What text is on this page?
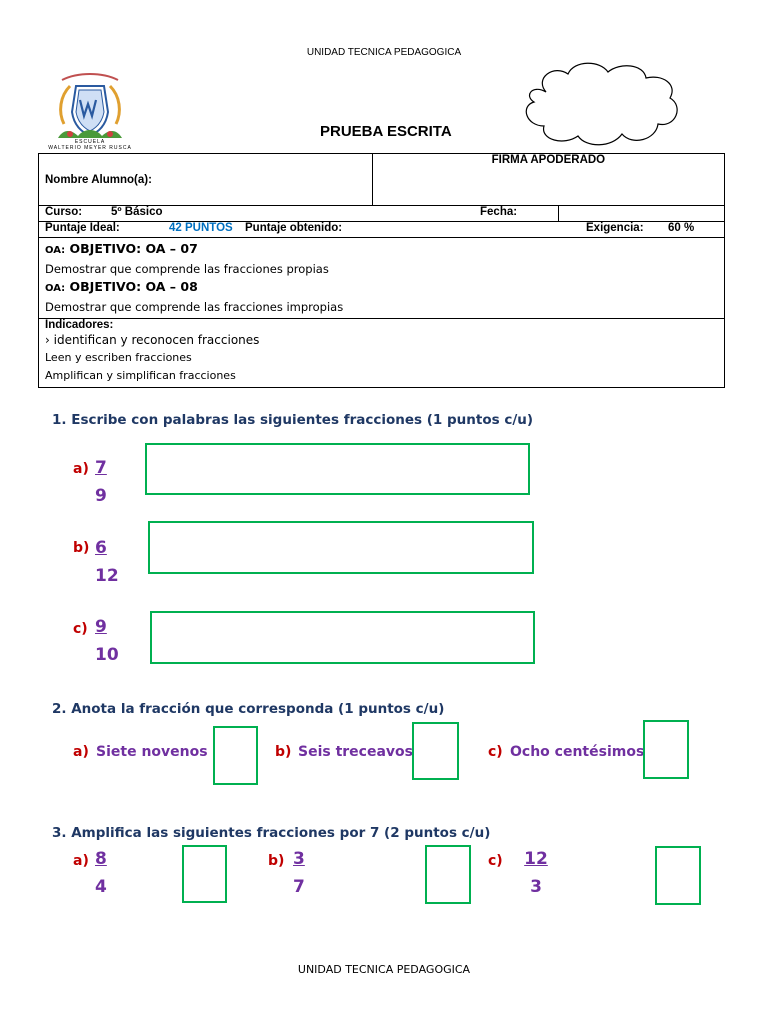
UNIDAD TECNICA PEDAGOGICA
ESCUELA
WALTERIO MEYER RUSCA
PRUEBA ESCRITA
Nombre Alumno(a):	FIRMA APODERADO

Curso:	5º Básico	Fecha:

Puntaje Ideal:	42 PUNTOS Puntaje obtenido:	Exigencia: 60 %

OA: OBJETIVO: OA – 07
Demostrar que comprende las fracciones propias
OA: OBJETIVO: OA – 08
Demostrar que comprende las fracciones impropias

Indicadores:
› identifican y reconocen fracciones
Leen y escriben fracciones
Amplifican y simplifican fracciones
1. Escribe con palabras las siguientes fracciones (1 puntos c/u)
$a) \frac{7}{9}$
$b) \frac{6}{12}$
$c) \frac{9}{10}$
2. Anota la fracción que corresponda (1 puntos c/u)
a) Siete novenos	b) Seis treceavos	c) Ocho centésimos
3. Amplifica las siguientes fracciones por 7 (2 puntos c/u)
$a) \frac{8}{4}$	$b) \frac{3}{7}$	$c) \frac{12}{3}$
UNIDAD TECNICA PEDAGOGICA
